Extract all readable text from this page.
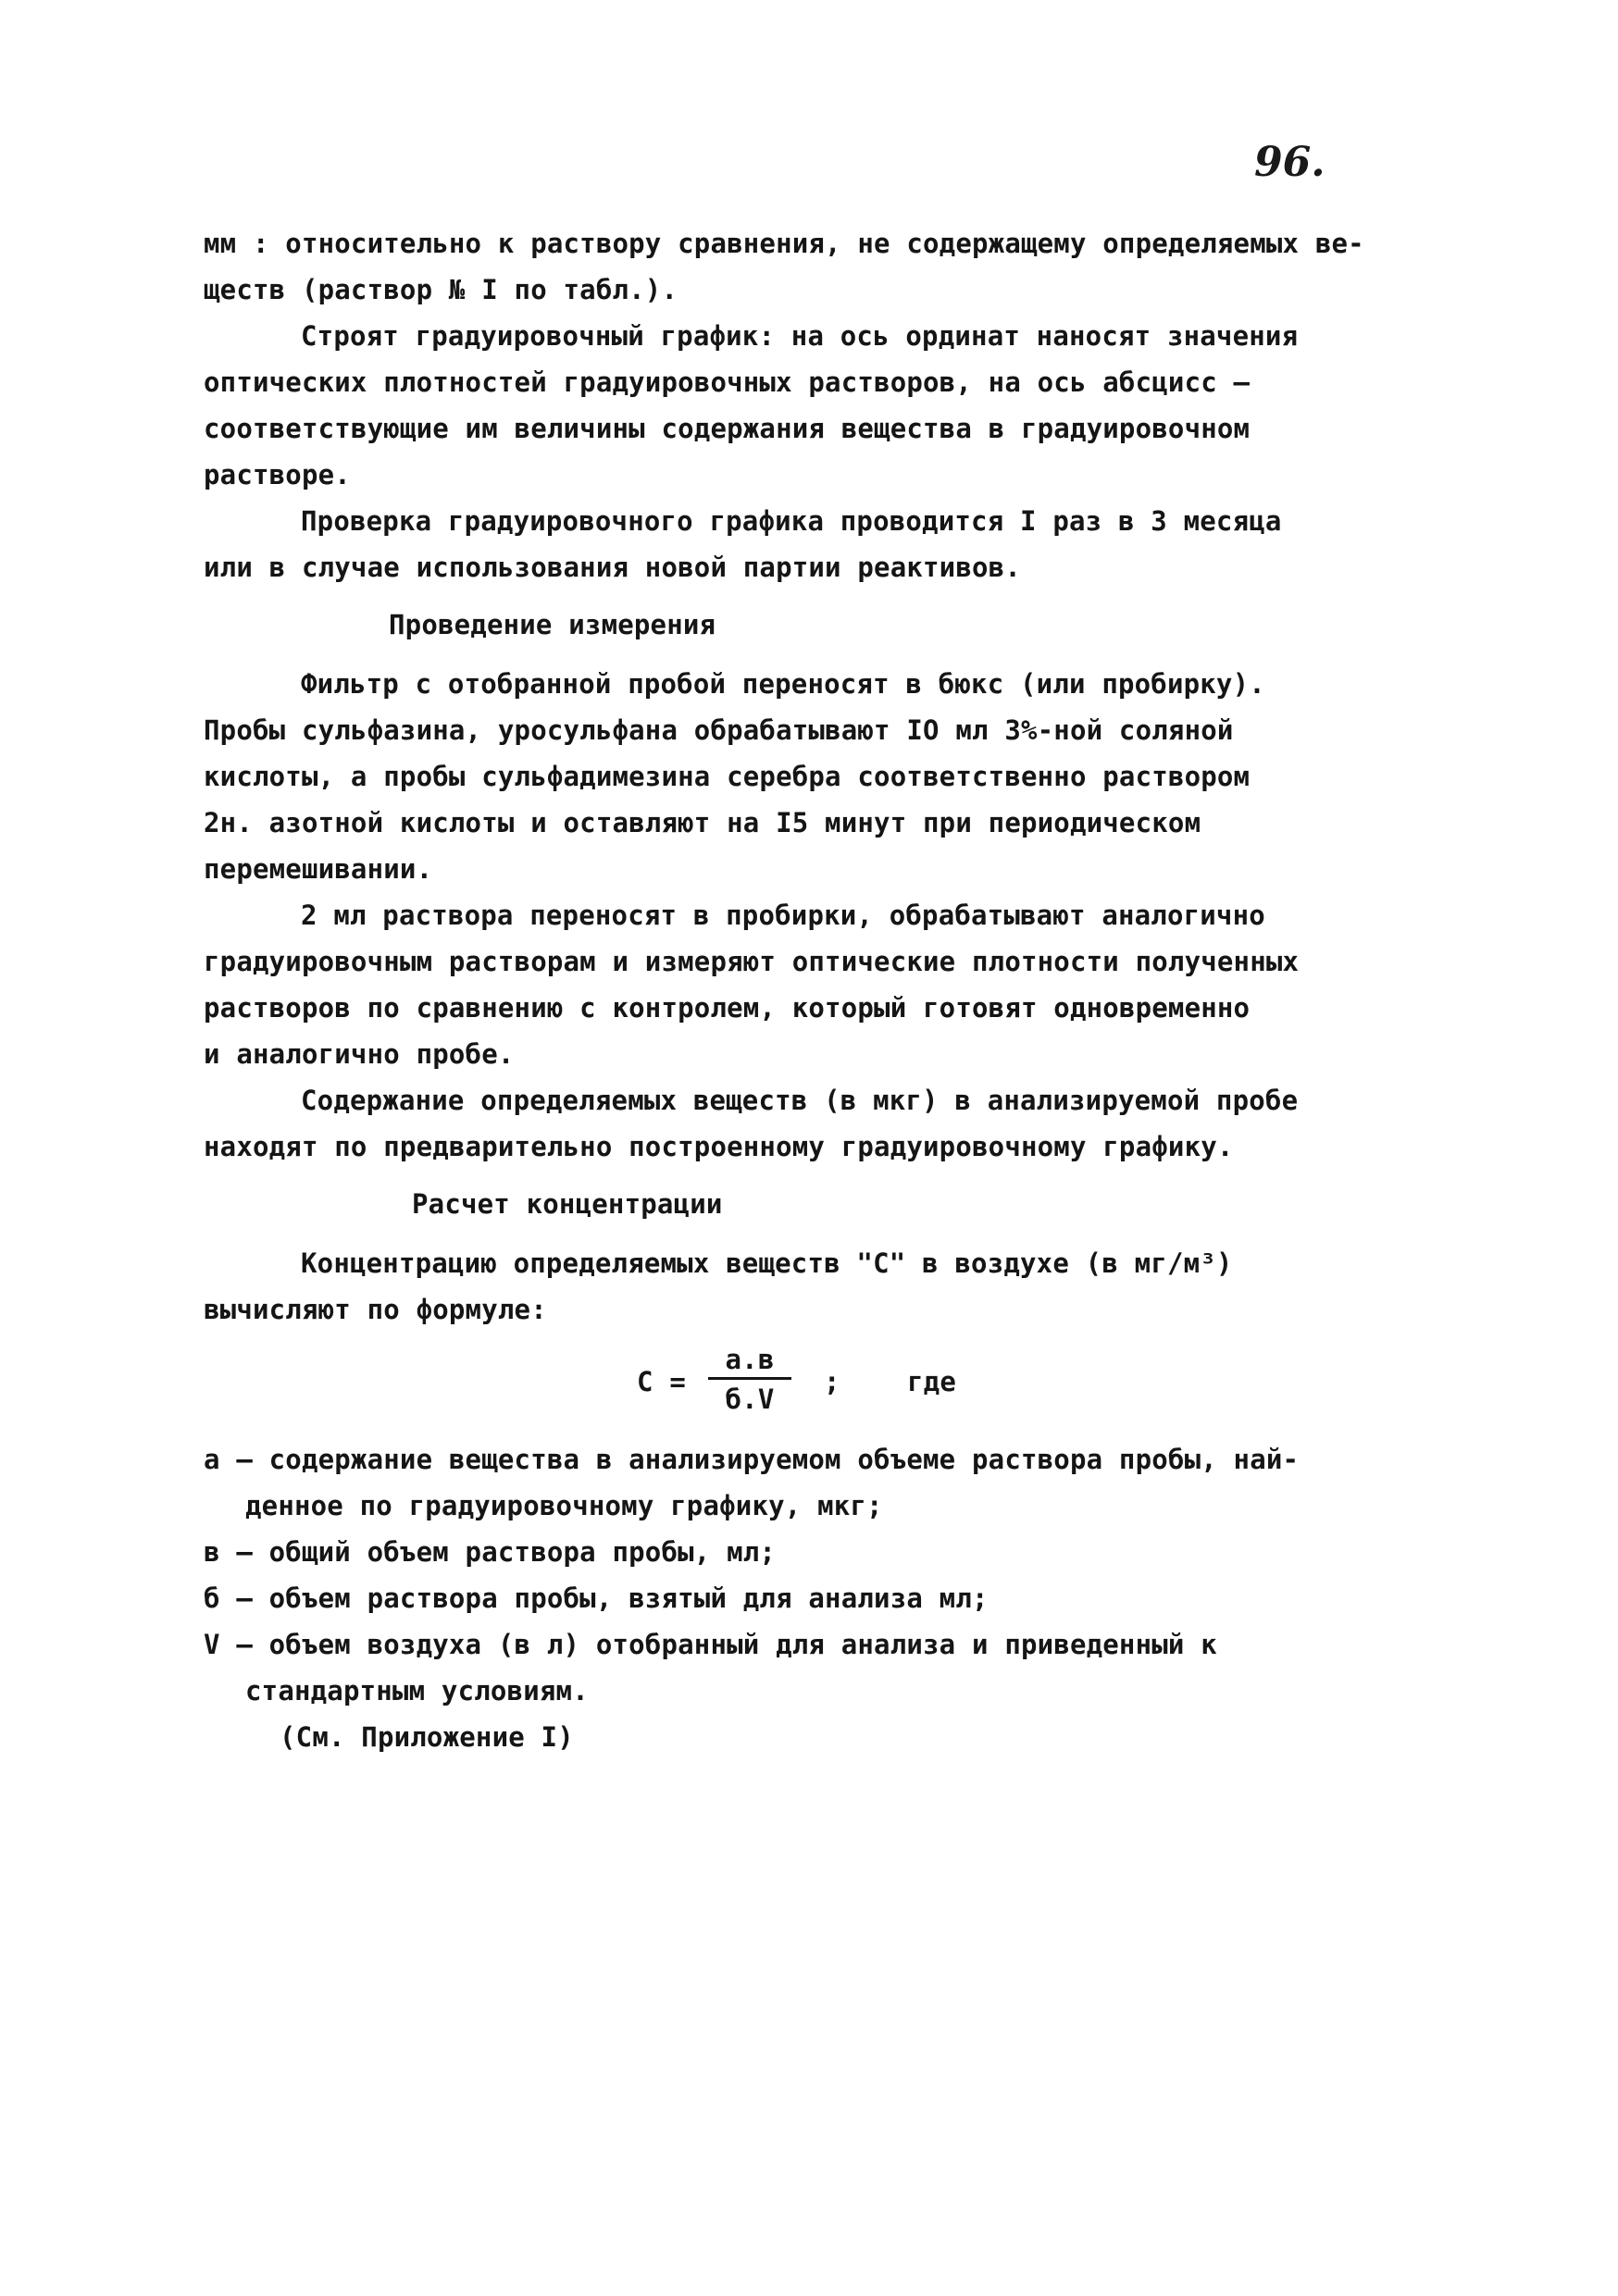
96.
мм : относительно к раствору сравнения, не содержащему определяемых ве-
ществ (раствор № I по табл.).
Строят градуировочный график: на ось ординат наносят значения
оптических плотностей градуировочных растворов, на ось абсцисс –
соответствующие им величины содержания вещества в градуировочном
растворе.
Проверка градуировочного графика проводится I раз в 3 месяца
или в случае использования новой партии реактивов.
Проведение измерения
Фильтр с отобранной пробой переносят в бюкс (или пробирку).
Пробы сульфазина, уросульфана обрабатывают IO мл 3%-ной соляной
кислоты, а пробы сульфадимезина серебра соответственно раствором
2н. азотной кислоты и оставляют на I5 минут при периодическом
перемешивании.
2 мл раствора переносят в пробирки, обрабатывают аналогично
градуировочным растворам и измеряют оптические плотности полученных
растворов по сравнению с контролем, который готовят одновременно
и аналогично пробе.
Содержание определяемых веществ (в мкг) в анализируемой пробе
находят по предварительно построенному градуировочному графику.
Расчет концентрации
Концентрацию определяемых веществ "С" в воздухе (в мг/м³)
вычисляют по формуле:
С =
а.в
б.V
; где
а – содержание вещества в анализируемом объеме раствора пробы, най-
денное по градуировочному графику, мкг;
в – общий объем раствора пробы, мл;
б – объем раствора пробы, взятый для анализа мл;
V – объем воздуха (в л) отобранный для анализа и приведенный к
стандартным условиям.
(См. Приложение I)
